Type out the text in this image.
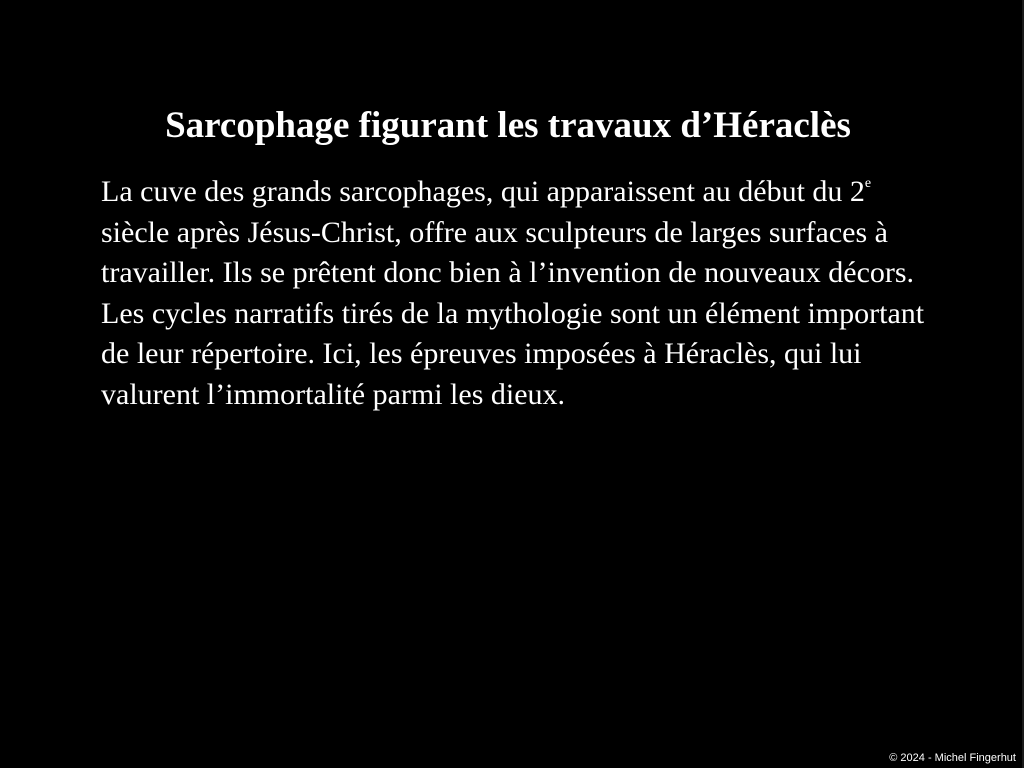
Sarcophage figurant les travaux d’Héraclès

La cuve des grands sarcophages, qui apparaissent au début du 2e siècle après Jésus-Christ, offre aux sculpteurs de larges surfaces à travailler. Ils se prêtent donc bien à l’invention de nouveaux décors. Les cycles narratifs tirés de la mythologie sont un élément important de leur répertoire. Ici, les épreuves imposées à Héraclès, qui lui valurent l’immortalité parmi les dieux.

© 2024 - Michel Fingerhut
